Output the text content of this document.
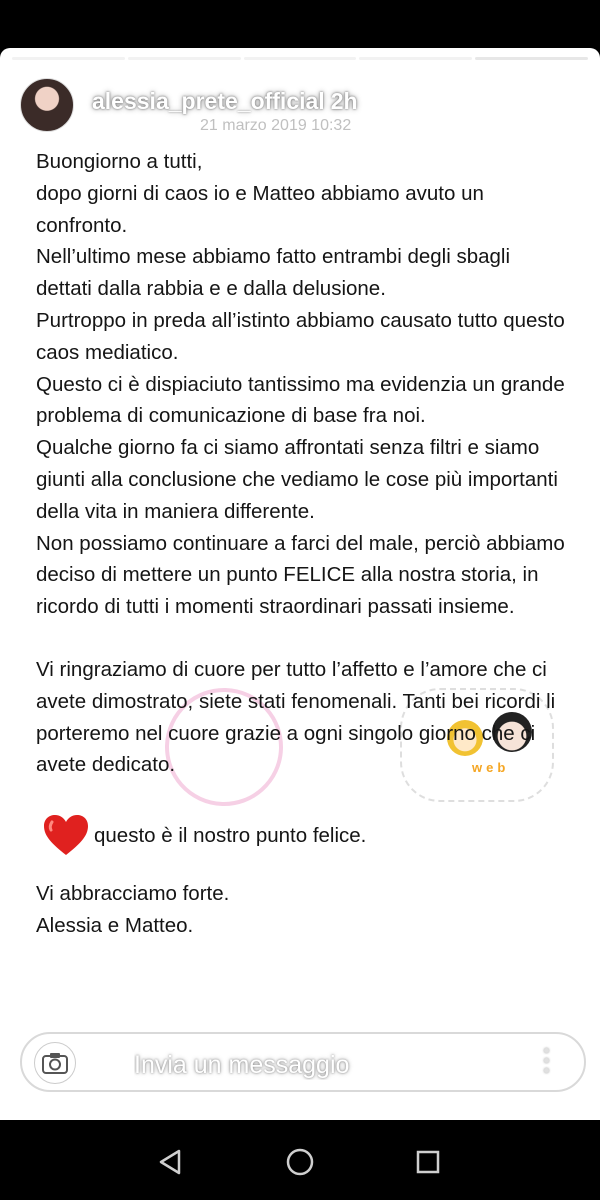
alessia_prete_official 2h
21 marzo 2019 10:32
web

Buongiorno a tutti,

dopo giorni di caos io e Matteo abbiamo avuto un confronto.

Nell’ultimo mese abbiamo fatto entrambi degli sbagli dettati dalla rabbia e e dalla delusione.

Purtroppo in preda all’istinto abbiamo causato tutto questo caos mediatico.

Questo ci è dispiaciuto tantissimo ma evidenzia un grande problema di comunicazione di base fra noi.

Qualche giorno fa ci siamo affrontati senza filtri e siamo giunti alla conclusione che vediamo le cose più importanti della vita in maniera differente.

Non possiamo continuare a farci del male, perciò abbiamo deciso di mettere un punto FELICE alla nostra storia, in ricordo di tutti i momenti straordinari passati insieme.

Vi ringraziamo di cuore per tutto l’affetto e l’amore che ci avete dimostrato, siete stati fenomenali. Tanti bei ricordi li porteremo nel cuore grazie a ogni singolo giorno che ci avete dedicato.

questo è il nostro punto felice.

Vi abbracciamo forte.

Alessia e Matteo.

Invia un messaggio
